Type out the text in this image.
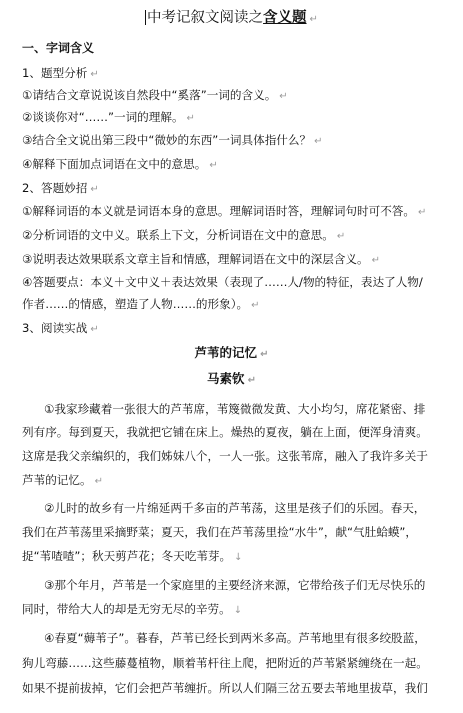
中考记叙文阅读之含义题 ↵
一、字词含义
1、题型分析 ↵
①请结合文章说说该自然段中“奚落”一词的含义。 ↵
②谈谈你对“……”一词的理解。 ↵
③结合全文说出第三段中“微妙的东西”一词具体指什么？ ↵
④解释下面加点词语在文中的意思。 ↵
2、答题妙招 ↵
①解释词语的本义就是词语本身的意思。理解词语时答，理解词句时可不答。 ↵
②分析词语的文中义。联系上下文，分析词语在文中的意思。 ↵
③说明表达效果联系文章主旨和情感，理解词语在文中的深层含义。 ↵
④答题要点：本义＋文中义＋表达效果（表现了……人/物的特征，表达了人物/
作者……的情感，塑造了人物……的形象）。 ↵
3、阅读实战 ↵
芦苇的记忆 ↵
马素钦 ↵
①我家珍藏着一张很大的芦苇席，苇篾微微发黄、大小均匀，席花紧密、排
列有序。每到夏天，我就把它铺在床上。燥热的夏夜，躺在上面，便浑身清爽。
这席是我父亲编织的，我们姊妹八个，一人一张。这张苇席，融入了我许多关于
芦苇的记忆。 ↵
②儿时的故乡有一片绵延两千多亩的芦苇荡，这里是孩子们的乐园。春天，
我们在芦苇荡里采摘野菜；夏天，我们在芦苇荡里捡“水牛”，献“气肚蛤蟆”，
捉“苇喳喳”；秋天剪芦花；冬天吃苇芽。 ↓
③那个年月，芦苇是一个家庭里的主要经济来源，它带给孩子们无尽快乐的
同时，带给大人的却是无穷无尽的辛劳。 ↓
④春夏“薅苇子”。暮春，芦苇已经长到两米多高。芦苇地里有很多绞股蓝，
狗儿弯藤……这些藤蔓植物，顺着苇杆往上爬，把附近的芦苇紧紧缠绕在一起。
如果不提前拔掉，它们会把芦苇缠折。所以人们隔三岔五要去苇地里拔草，我们
